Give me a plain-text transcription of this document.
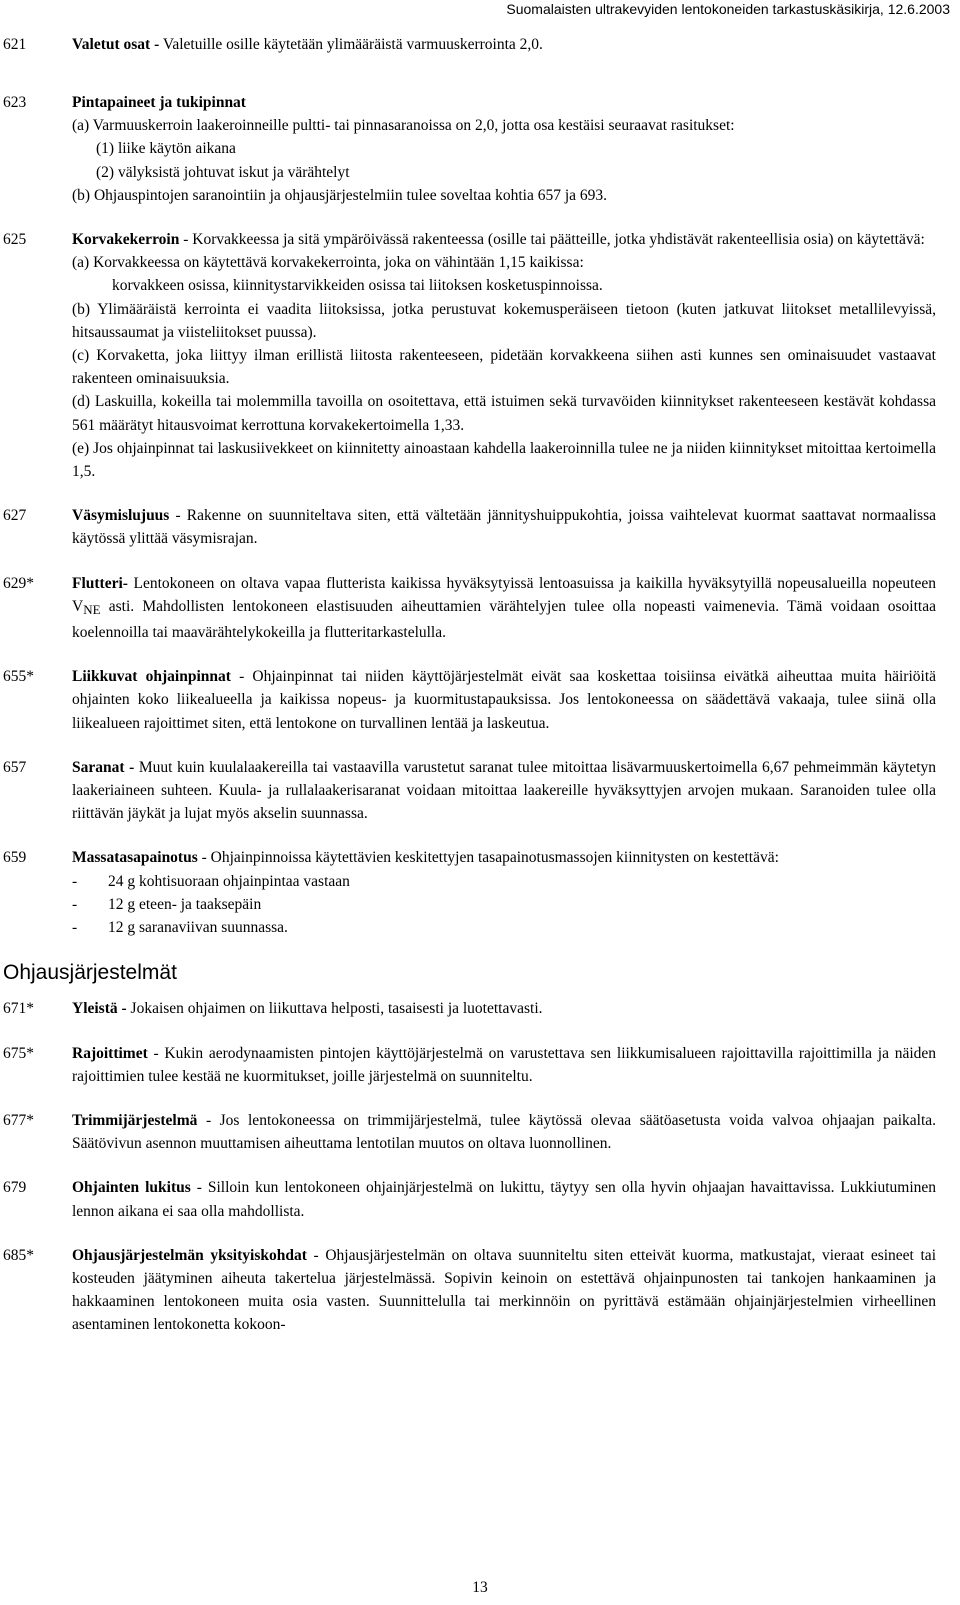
Suomalaisten ultrakevyiden lentokoneiden tarkastuskäsikirja, 12.6.2003
621	Valetut osat - Valetuille osille käytetään ylimääräistä varmuuskerrointa 2,0.
623	Pintapaineet ja tukipinnat
(a) Varmuuskerroin laakeroinneille pultti- tai pinnasaranoissa on 2,0, jotta osa kestäisi seuraavat rasitukset:
(1) liike käytön aikana
(2) välyksistä johtuvat iskut ja värähtelyt
(b) Ohjauspintojen saranointiin ja ohjausjärjestelmiin tulee soveltaa kohtia 657 ja 693.
625	Korvakekerroin - Korvakkeessa ja sitä ympäröivässä rakenteessa (osille tai päätteille, jotka yhdistävät rakenteellisia osia) on käytettävä:
(a) Korvakkeessa on käytettävä korvakekerrointa, joka on vähintään 1,15 kaikissa:
korvakkeen osissa, kiinnitystarvikkeiden osissa tai liitoksen kosketuspinnoissa.
(b) Ylimääräistä kerrointa ei vaadita liitoksissa, jotka perustuvat kokemusperäiseen tietoon (kuten jatkuvat liitokset metallilevyissä, hitsaussaumat ja viisteliitokset puussa).
(c) Korvaketta, joka liittyy ilman erillistä liitosta rakenteeseen, pidetään korvakkeena siihen asti kunnes sen ominaisuudet vastaavat rakenteen ominaisuuksia.
(d) Laskuilla, kokeilla tai molemmilla tavoilla on osoitettava, että istuimen sekä turvavöiden kiinnitykset rakenteeseen kestävät kohdassa 561 määrätyt hitausvoimat kerrottuna korvakekertoimella 1,33.
(e) Jos ohjainpinnat tai laskusiivekkeet on kiinnitetty ainoastaan kahdella laakeroinnilla tulee ne ja niiden kiinnitykset mitoittaa kertoimella 1,5.
627	Väsymislujuus - Rakenne on suunniteltava siten, että vältetään jännityshuippukohtia, joissa vaihtelevat kuormat saattavat normaalissa käytössä ylittää väsymisrajan.
629* Flutteri- Lentokoneen on oltava vapaa flutterista kaikissa hyväksytyissä lentoasuissa ja kaikilla hyväksytyillä nopeusalueilla nopeuteen $V_{NE}$ asti. Mahdollisten lentokoneen elastisuuden aiheuttamien värähtelyjen tulee olla nopeasti vaimenevia. Tämä voidaan osoittaa koelennoilla tai maavärähtelykokeilla ja flutteritarkastelulla.
655* Liikkuvat ohjainpinnat - Ohjainpinnat tai niiden käyttöjärjestelmät eivät saa koskettaa toisiinsa eivätkä aiheuttaa muita häiriöitä ohjainten koko liikealueella ja kaikissa nopeus- ja kuormitustapauksissa. Jos lentokoneessa on säädettävä vakaaja, tulee siinä olla liikealueen rajoittimet siten, että lentokone on turvallinen lentää ja laskeutua.
657	Saranat - Muut kuin kuulalaakereilla tai vastaavilla varustetut saranat tulee mitoittaa lisävarmuuskertoimella 6,67 pehmeimmän käytetyn laakeriaineen suhteen. Kuula- ja rullalaakerisaranat voidaan mitoittaa laakereille hyväksyttyjen arvojen mukaan. Saranoiden tulee olla riittävän jäykät ja lujat myös akselin suunnassa.
659	Massatasapainotus - Ohjainpinnoissa käytettävien keskitettyjen tasapainotusmassojen kiinnitysten on kestettävä:
- 24 g kohtisuoraan ohjainpintaa vastaan
- 12 g eteen- ja taaksepäin
- 12 g saranaviivan suunnassa.
Ohjausjärjestelmät
671* Yleistä - Jokaisen ohjaimen on liikuttava helposti, tasaisesti ja luotettavasti.
675* Rajoittimet - Kukin aerodynaamisten pintojen käyttöjärjestelmä on varustettava sen liikkumisalueen rajoittavilla rajoittimilla ja näiden rajoittimien tulee kestää ne kuormitukset, joille järjestelmä on suunniteltu.
677* Trimmijärjestelmä - Jos lentokoneessa on trimmijärjestelmä, tulee käytössä olevaa säätöasetusta voida valvoa ohjaajan paikalta. Säätövivun asennon muuttamisen aiheuttama lentotilan muutos on oltava luonnollinen.
679	Ohjainten lukitus - Silloin kun lentokoneen ohjainjärjestelmä on lukittu, täytyy sen olla hyvin ohjaajan havaittavissa. Lukkiutuminen lennon aikana ei saa olla mahdollista.
685* Ohjausjärjestelmän yksityiskohdat - Ohjausjärjestelmän on oltava suunniteltu siten etteivät kuorma, matkustajat, vieraat esineet tai kosteuden jäätyminen aiheuta takertelua järjestelmässä. Sopivin keinoin on estettävä ohjainpunosten tai tankojen hankaaminen ja hakkaaminen lentokoneen muita osia vasten. Suunnittelulla tai merkinnöin on pyrittävä estämään ohjainjärjestelmien virheellinen asentaminen lentokonetta kokoon-
13
